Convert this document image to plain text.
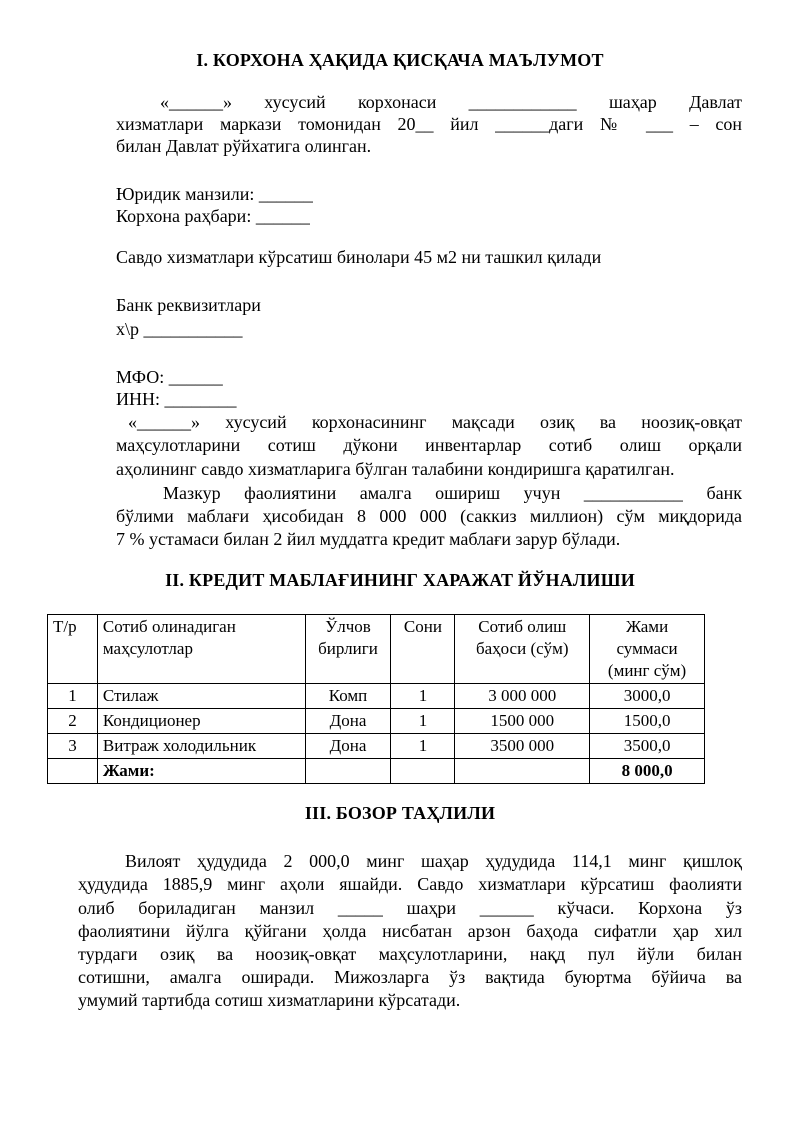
I. КОРХОНА ҲАҚИДА ҚИСҚАЧА МАЪЛУМОТ
«______» хусусий корхонаси ____________ шаҳар Давлат
хизматлари маркази томонидан 20__ йил ______даги № ___ – сон
билан Давлат рўйхатига олинган.
Юридик манзили: ______
Корхона раҳбари: ______
Савдо хизматлари кўрсатиш бинолари 45 м2 ни ташкил қилади
Банк реквизитлари
х\р ___________
МФО: ______
ИНН: ________
«______» хусусий корхонасининг мақсади озиқ ва ноозиқ-овқат
маҳсулотларини сотиш дўкони инвентарлар сотиб олиш орқали
аҳолининг савдо хизматларига бўлган талабини кондиришга қаратилган.
Мазкур фаолиятини амалга ошириш учун ___________ банк
бўлими маблағи ҳисобидан 8 000 000 (саккиз миллион) сўм миқдорида
7 % устамаси билан 2 йил муддатга кредит маблағи зарур бўлади.
II. КРЕДИТ МАБЛАҒИНИНГ ХАРАЖАТ ЙЎНАЛИШИ
Т/р	Сотиб олинадиган маҳсулотлар	Ўлчов бирлиги	Сони	Сотиб олиш баҳоси (сўм)	Жами суммаси (минг сўм)
1	Стилаж	Комп	1	3 000 000	3000,0
2	Кондиционер	Дона	1	1500 000	1500,0
3	Витраж холодильник	Дона	1	3500 000	3500,0
	Жами:				8 000,0
III. БОЗОР ТАҲЛИЛИ
Вилоят ҳудудида 2 000,0 минг шаҳар ҳудудида 114,1 минг қишлоқ
ҳудудида 1885,9 минг аҳоли яшайди. Савдо хизматлари кўрсатиш фаолияти
олиб бориладиган манзил _____ шаҳри ______ кўчаси. Корхона ўз
фаолиятини йўлга қўйгани ҳолда нисбатан арзон баҳода сифатли ҳар хил
турдаги озиқ ва ноозиқ-овқат маҳсулотларини, нақд пул йўли билан
сотишни, амалга оширади. Мижозларга ўз вақтида буюртма бўйича ва
умумий тартибда сотиш хизматларини кўрсатади.
